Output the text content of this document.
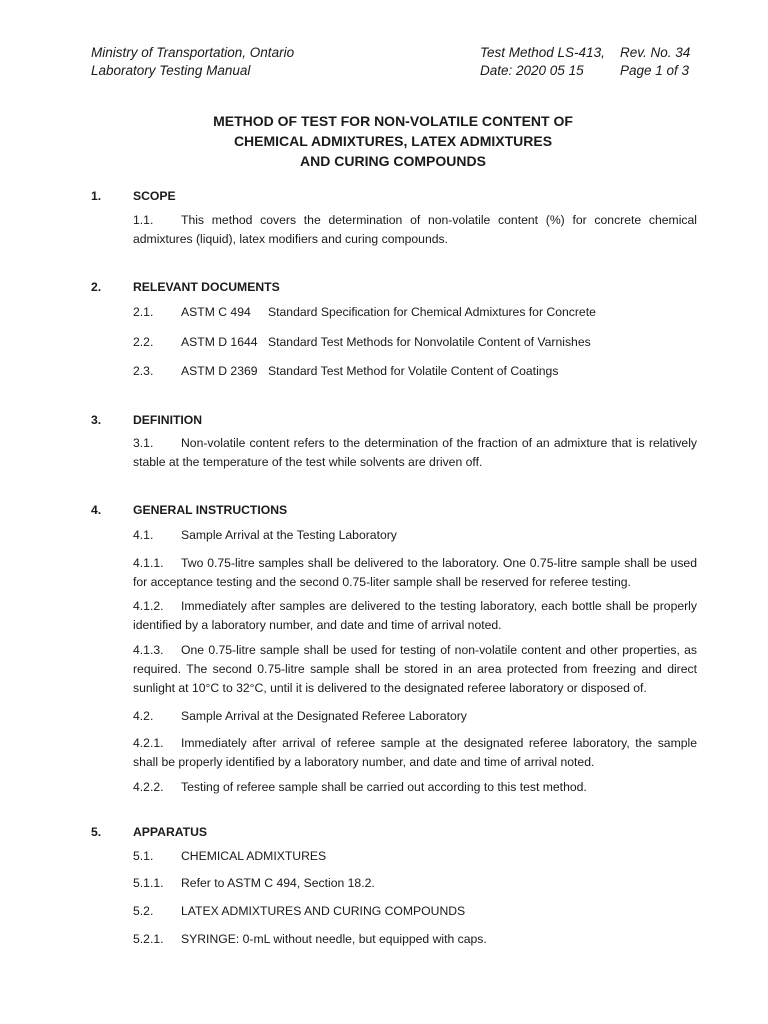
Ministry of Transportation, Ontario
Laboratory Testing Manual
Test Method LS-413, Rev. No. 34
Date: 2020 05 15	Page 1 of 3
METHOD OF TEST FOR NON-VOLATILE CONTENT OF
CHEMICAL ADMIXTURES, LATEX ADMIXTURES
AND CURING COMPOUNDS
1.	SCOPE
1.1. This method covers the determination of non-volatile content (%) for concrete chemical admixtures (liquid), latex modifiers and curing compounds.
2.	RELEVANT DOCUMENTS
2.1. ASTM C 494 Standard Specification for Chemical Admixtures for Concrete
2.2. ASTM D 1644 Standard Test Methods for Nonvolatile Content of Varnishes
2.3. ASTM D 2369 Standard Test Method for Volatile Content of Coatings
3.	DEFINITION
3.1. Non-volatile content refers to the determination of the fraction of an admixture that is relatively stable at the temperature of the test while solvents are driven off.
4.	GENERAL INSTRUCTIONS
4.1. Sample Arrival at the Testing Laboratory
4.1.1. Two 0.75-litre samples shall be delivered to the laboratory. One 0.75-litre sample shall be used for acceptance testing and the second 0.75-liter sample shall be reserved for referee testing.
4.1.2. Immediately after samples are delivered to the testing laboratory, each bottle shall be properly identified by a laboratory number, and date and time of arrival noted.
4.1.3. One 0.75-litre sample shall be used for testing of non-volatile content and other properties, as required. The second 0.75-litre sample shall be stored in an area protected from freezing and direct sunlight at 10°C to 32°C, until it is delivered to the designated referee laboratory or disposed of.
4.2. Sample Arrival at the Designated Referee Laboratory
4.2.1. Immediately after arrival of referee sample at the designated referee laboratory, the sample shall be properly identified by a laboratory number, and date and time of arrival noted.
4.2.2. Testing of referee sample shall be carried out according to this test method.
5.	APPARATUS
5.1. CHEMICAL ADMIXTURES
5.1.1. Refer to ASTM C 494, Section 18.2.
5.2. LATEX ADMIXTURES AND CURING COMPOUNDS
5.2.1. SYRINGE: 0-mL without needle, but equipped with caps.
